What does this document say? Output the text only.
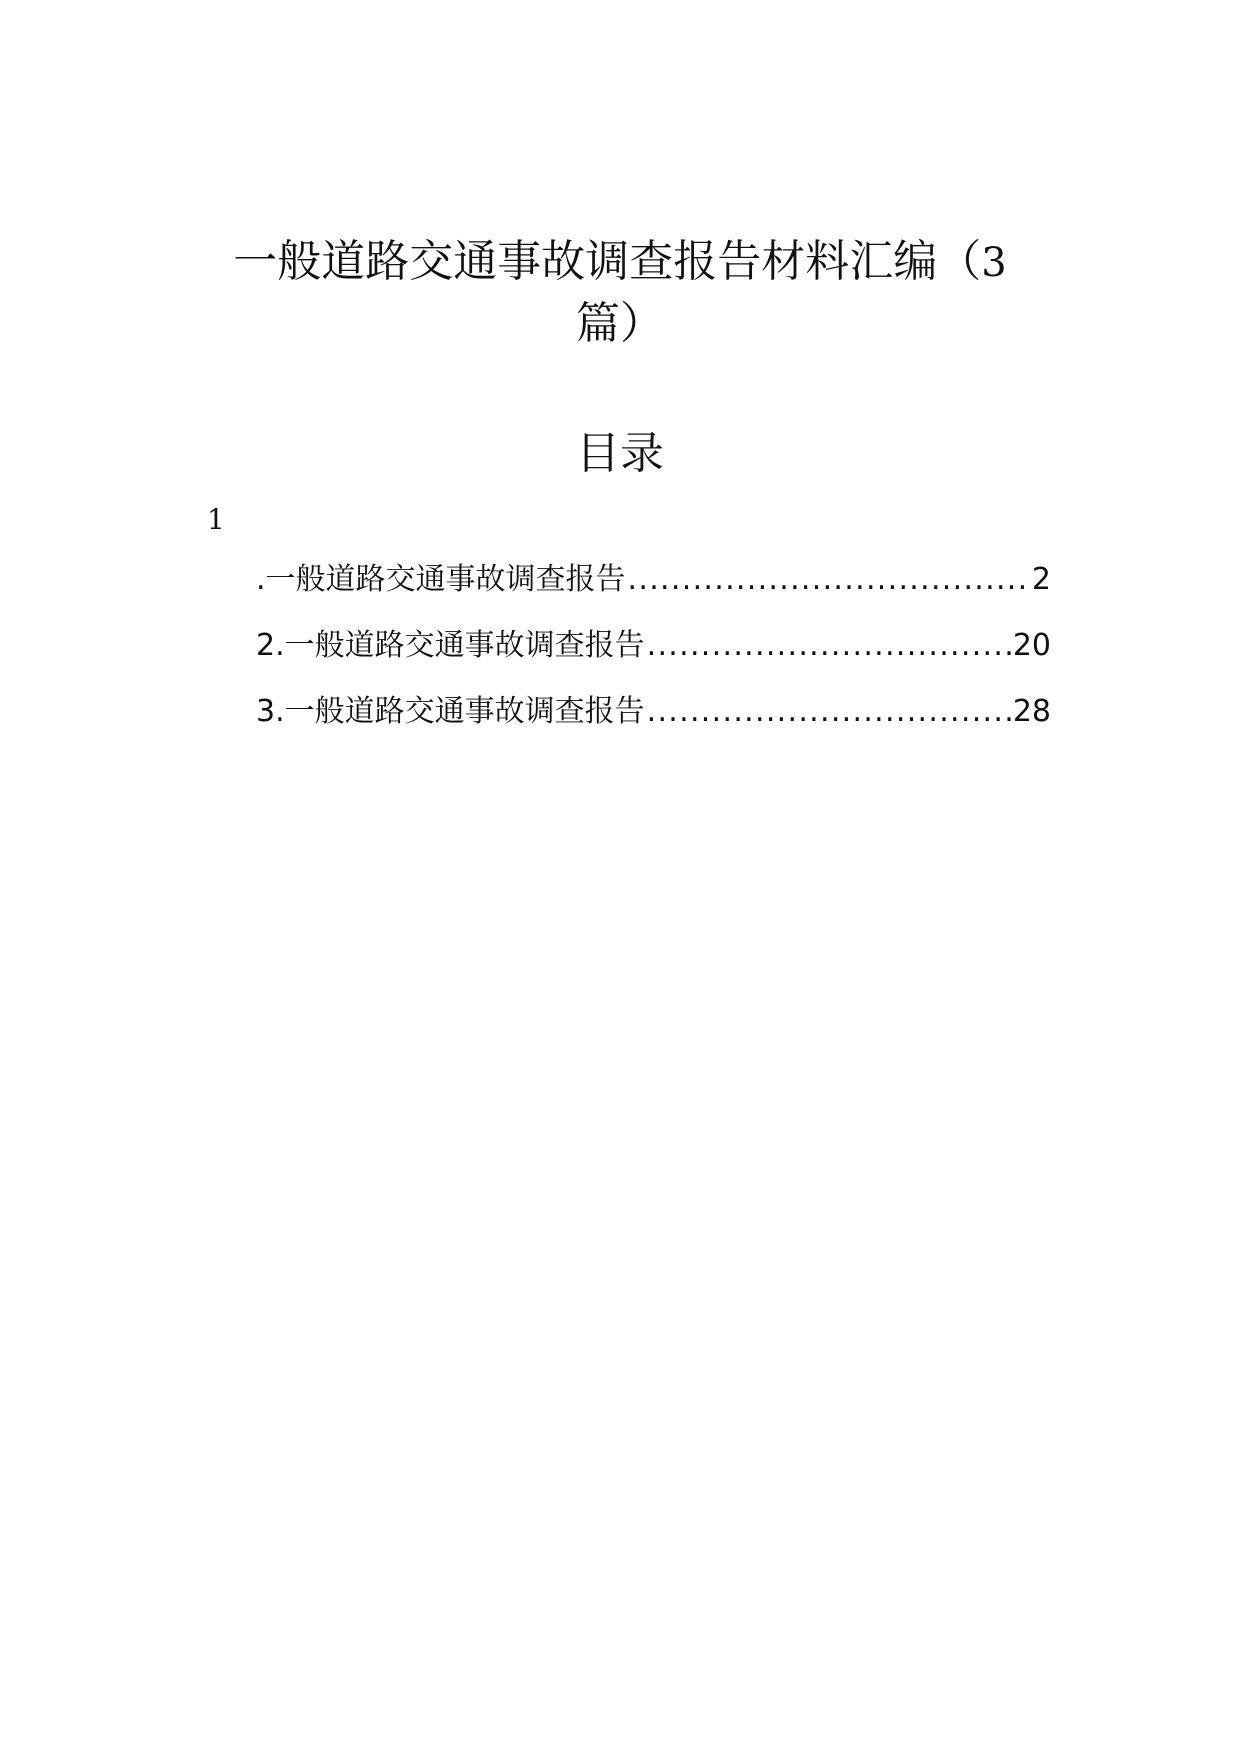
一般道路交通事故调查报告材料汇编（3
篇）
目录
1
.一般道路交通事故调查报告 .....	2
2.一般道路交通事故调查报告 .....	20
3.一般道路交通事故调查报告 .....	28
